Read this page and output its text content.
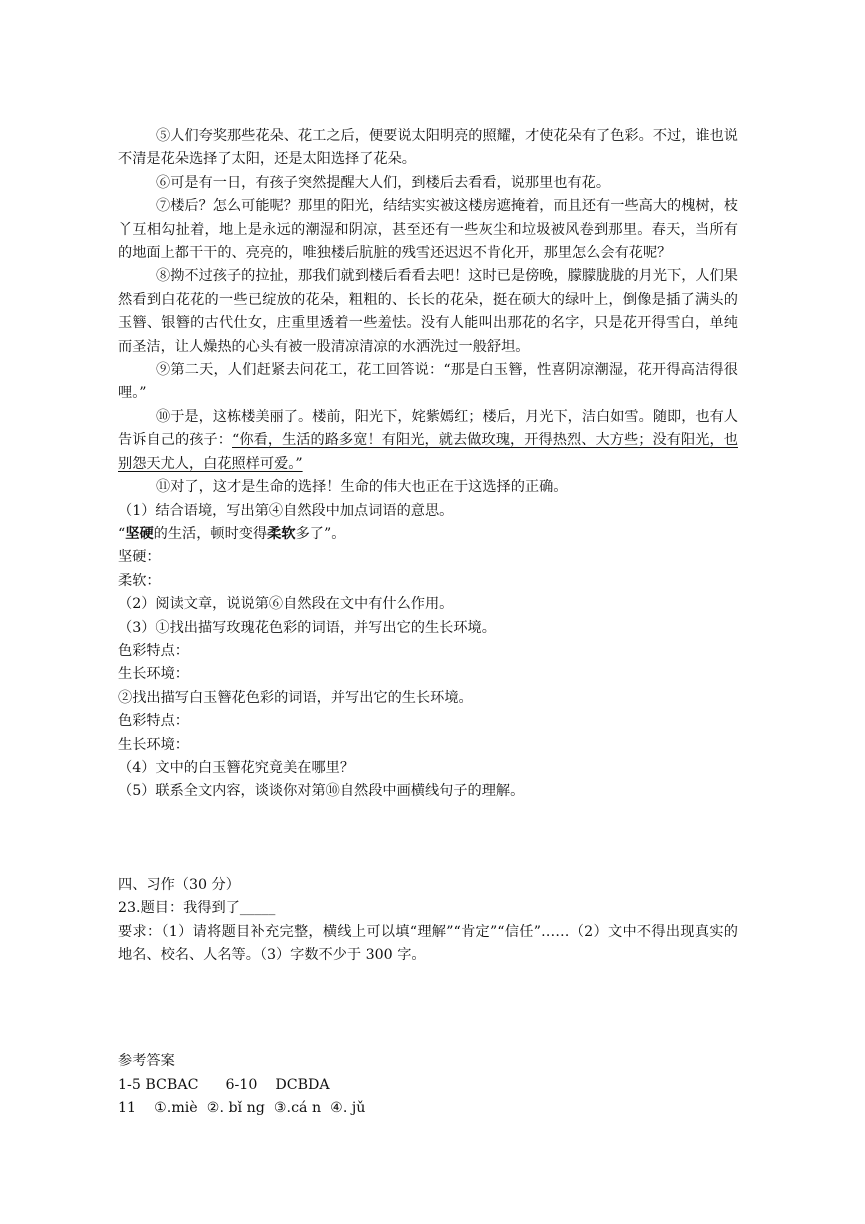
⑤人们夸奖那些花朵、花工之后，便要说太阳明亮的照耀，才使花朵有了色彩。不过，谁也说不清是花朵选择了太阳，还是太阳选择了花朵。

⑥可是有一日，有孩子突然提醒大人们，到楼后去看看，说那里也有花。

⑦楼后？怎么可能呢？那里的阳光，结结实实被这楼房遮掩着，而且还有一些高大的槐树，枝丫互相勾扯着，地上是永远的潮湿和阴凉，甚至还有一些灰尘和垃圾被风卷到那里。春天，当所有的地面上都干干的、亮亮的，唯独楼后肮脏的残雪还迟迟不肯化开，那里怎么会有花呢？

⑧拗不过孩子的拉扯，那我们就到楼后看看去吧！这时已是傍晚，朦朦胧胧的月光下，人们果然看到白花花的一些已绽放的花朵，粗粗的、长长的花朵，挺在硕大的绿叶上，倒像是插了满头的玉簪、银簪的古代仕女，庄重里透着一些羞怯。没有人能叫出那花的名字，只是花开得雪白，单纯而圣洁，让人燥热的心头有被一股清凉清凉的水洒洗过一般舒坦。

⑨第二天，人们赶紧去问花工，花工回答说：“那是白玉簪，性喜阴凉潮湿，花开得高洁得很哩。”

⑩于是，这栋楼美丽了。楼前，阳光下，姹紫嫣红；楼后，月光下，洁白如雪。随即，也有人告诉自己的孩子：“你看，生活的路多宽！有阳光，就去做玫瑰，开得热烈、大方些；没有阳光，也别怨天尤人，白花照样可爱。”

⑪对了，这才是生命的选择！生命的伟大也正在于这选择的正确。

（1）结合语境，写出第④自然段中加点词语的意思。

“坚硬的生活，顿时变得柔软多了”。

坚硬：

柔软：

（2）阅读文章，说说第⑥自然段在文中有什么作用。

（3）①找出描写玫瑰花色彩的词语，并写出它的生长环境。

色彩特点：

生长环境：

②找出描写白玉簪花色彩的词语，并写出它的生长环境。

色彩特点：

生长环境：

（4）文中的白玉簪花究竟美在哪里？

（5）联系全文内容，谈谈你对第⑩自然段中画横线句子的理解。

四、习作（30 分）

23.题目：我得到了_____

要求：（1）请将题目补充完整，横线上可以填“理解”“肯定”“信任”……（2）文中不得出现真实的地名、校名、人名等。（3）字数不少于 300 字。

参考答案

1-5 BCBAC      6-10    DCBDA

11    ①.miè  ②. bǐ ng  ③.cá n  ④. jǔ
